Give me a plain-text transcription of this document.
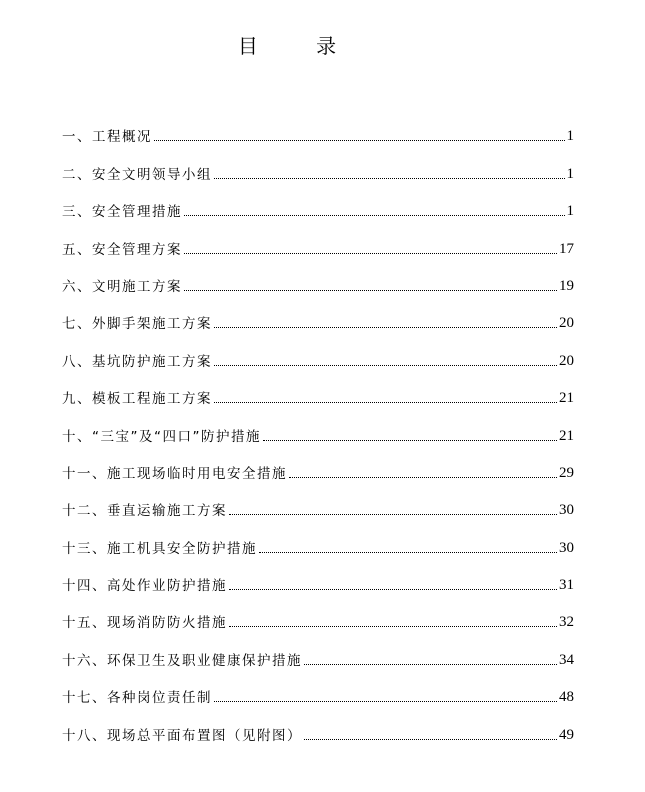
目 录
一、工程概况	1
二、安全文明领导小组	1
三、安全管理措施	1
五、安全管理方案	17
六、文明施工方案	19
七、外脚手架施工方案	20
八、基坑防护施工方案	20
九、模板工程施工方案	21
十、“三宝”及“四口”防护措施	21
十一、施工现场临时用电安全措施	29
十二、垂直运输施工方案	30
十三、施工机具安全防护措施	30
十四、高处作业防护措施	31
十五、现场消防防火措施	32
十六、环保卫生及职业健康保护措施	34
十七、各种岗位责任制	48
十八、现场总平面布置图（见附图）	49
